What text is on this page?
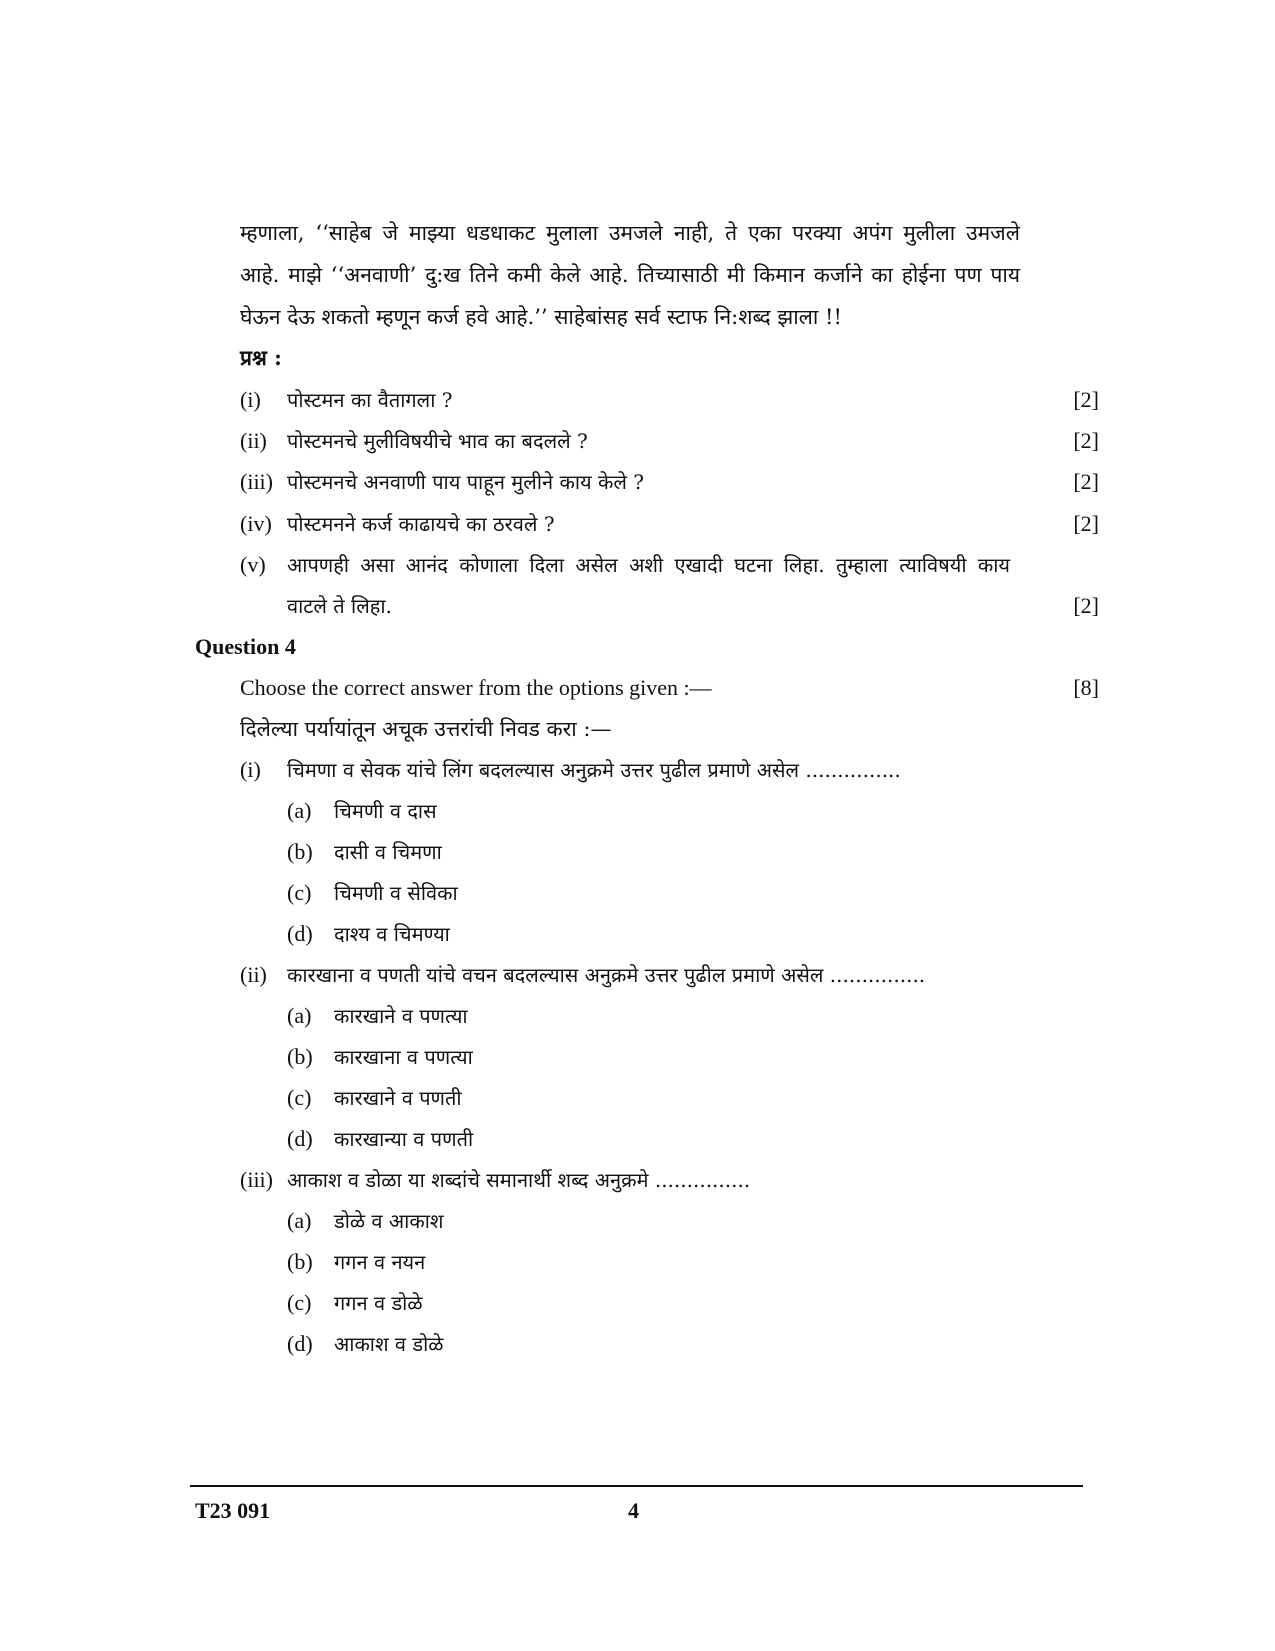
म्हणाला, ‘‘साहेब जे माझ्या धडधाकट मुलाला उमजले नाही, ते एका परक्या अपंग मुलीला उमजले
आहे. माझे ‘‘अनवाणी’ दु:ख तिने कमी केले आहे. तिच्यासाठी मी किमान कर्जाने का होईना पण पाय
घेऊन देऊ शकतो म्हणून कर्ज हवे आहे.’’ साहेबांसह सर्व स्टाफ नि:शब्द झाला !!
प्रश्न :
(i) पोस्टमन का वैतागला ?	[2]
(ii) पोस्टमनचे मुलीविषयीचे भाव का बदलले ?	[2]
(iii) पोस्टमनचे अनवाणी पाय पाहून मुलीने काय केले ?	[2]
(iv) पोस्टमनने कर्ज काढायचे का ठरवले ?	[2]
(v) आपणही असा आनंद कोणाला दिला असेल अशी एखादी घटना लिहा. तुम्हाला त्याविषयी काय
वाटले ते लिहा.	[2]
Question 4
Choose the correct answer from the options given :—	[8]
दिलेल्या पर्यायांतून अचूक उत्तरांची निवड करा :—
(i) चिमणा व सेवक यांचे लिंग बदलल्यास अनुक्रमे उत्तर पुढील प्रमाणे असेल ...............
(a) चिमणी व दास
(b) दासी व चिमणा
(c) चिमणी व सेविका
(d) दाश्य व चिमण्या
(ii) कारखाना व पणती यांचे वचन बदलल्यास अनुक्रमे उत्तर पुढील प्रमाणे असेल ...............
(a) कारखाने व पणत्या
(b) कारखाना व पणत्या
(c) कारखाने व पणती
(d) कारखान्या व पणती
(iii) आकाश व डोळा या शब्दांचे समानार्थी शब्द अनुक्रमे ...............
(a) डोळे व आकाश
(b) गगन व नयन
(c) गगन व डोळे
(d) आकाश व डोळे
T23 091	4
